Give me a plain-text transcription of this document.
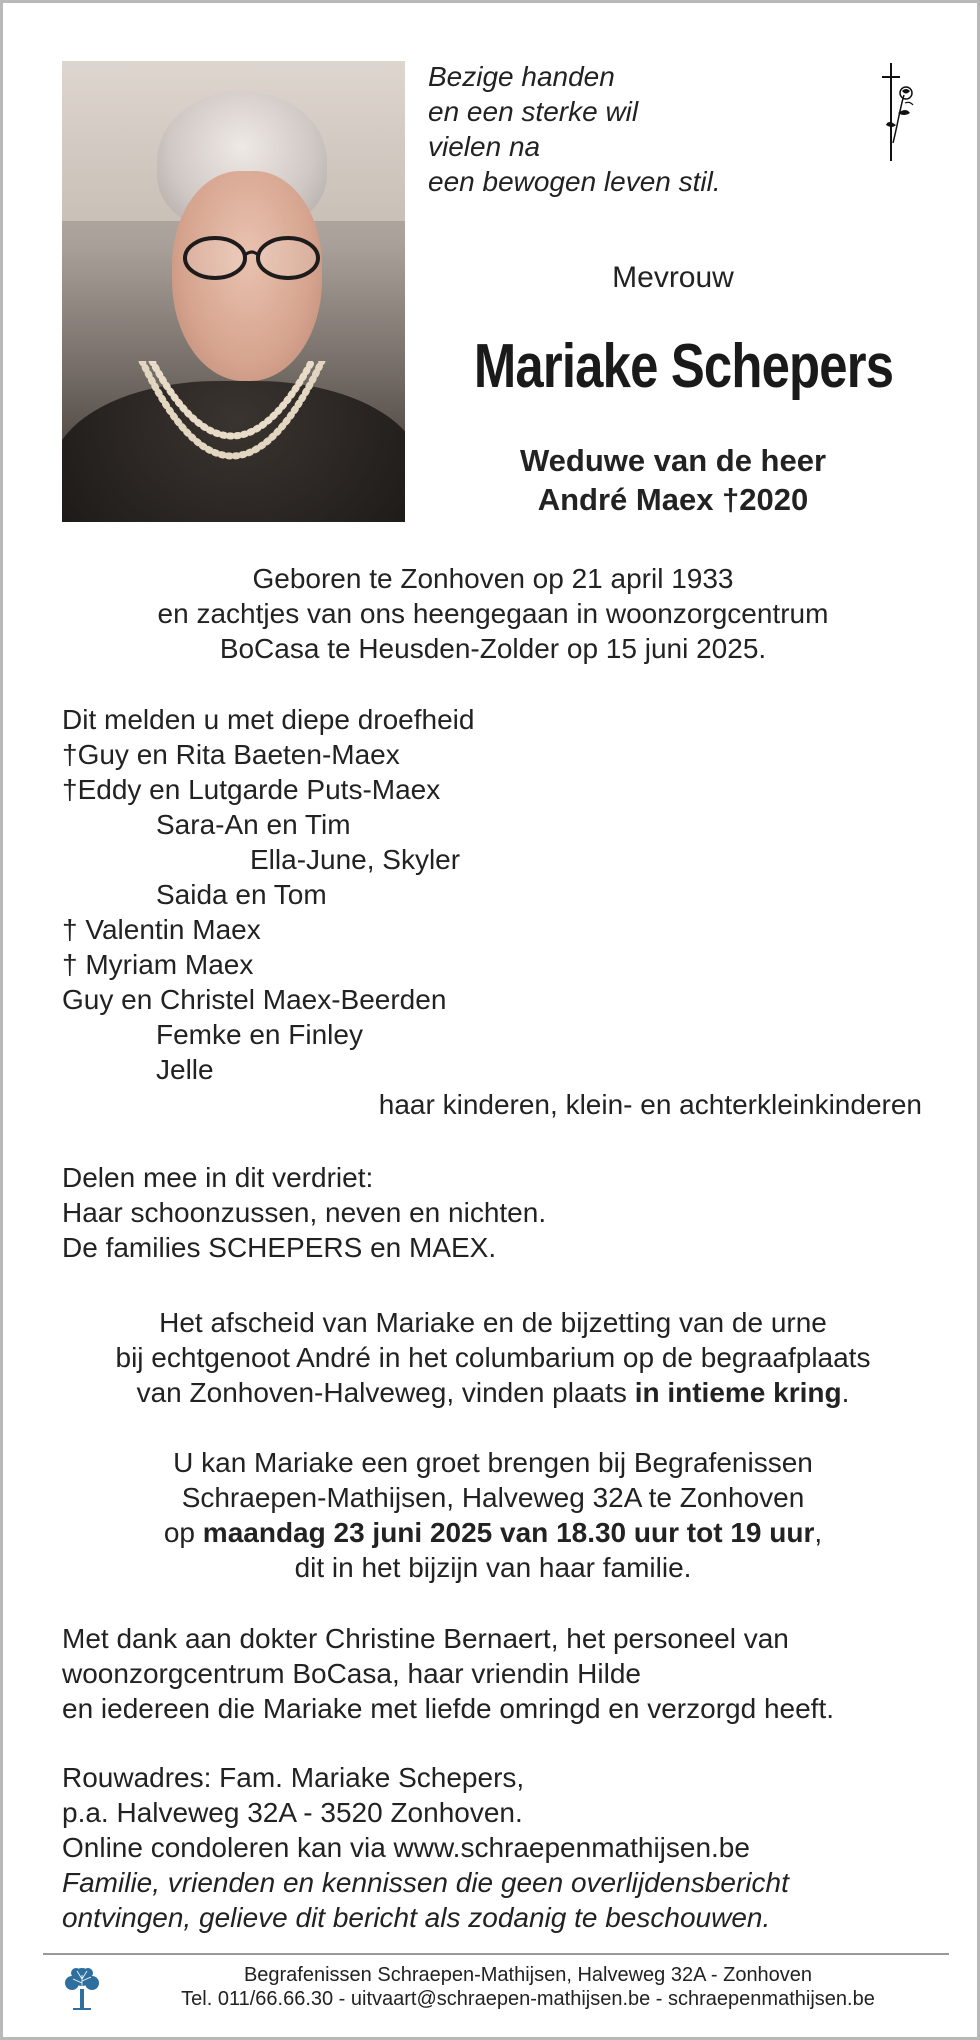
Bezige handen
en een sterke wil
vielen na
een bewogen leven stil.
Mevrouw
Mariake Schepers
Weduwe van de heer
André Maex †2020
Geboren te Zonhoven op 21 april 1933
en zachtjes van ons heengegaan in woonzorgcentrum
BoCasa te Heusden-Zolder op 15 juni 2025.
Dit melden u met diepe droefheid
†Guy en Rita Baeten-Maex
†Eddy en Lutgarde Puts-Maex
Sara-An en Tim
Ella-June, Skyler
Saida en Tom
† Valentin Maex
† Myriam Maex
Guy en Christel Maex-Beerden
Femke en Finley
Jelle
haar kinderen, klein- en achterkleinkinderen
Delen mee in dit verdriet:
Haar schoonzussen, neven en nichten.
De families SCHEPERS en MAEX.
Het afscheid van Mariake en de bijzetting van de urne
bij echtgenoot André in het columbarium op de begraafplaats
van Zonhoven-Halveweg, vinden plaats in intieme kring.
U kan Mariake een groet brengen bij Begrafenissen
Schraepen-Mathijsen, Halveweg 32A te Zonhoven
op maandag 23 juni 2025 van 18.30 uur tot 19 uur,
dit in het bijzijn van haar familie.
Met dank aan dokter Christine Bernaert, het personeel van
woonzorgcentrum BoCasa, haar vriendin Hilde
en iedereen die Mariake met liefde omringd en verzorgd heeft.
Rouwadres: Fam. Mariake Schepers,
p.a. Halveweg 32A - 3520 Zonhoven.
Online condoleren kan via www.schraepenmathijsen.be
Familie, vrienden en kennissen die geen overlijdensbericht
ontvingen, gelieve dit bericht als zodanig te beschouwen.
Begrafenissen Schraepen-Mathijsen, Halveweg 32A - Zonhoven
Tel. 011/66.66.30 - uitvaart@schraepen-mathijsen.be - schraepenmathijsen.be
